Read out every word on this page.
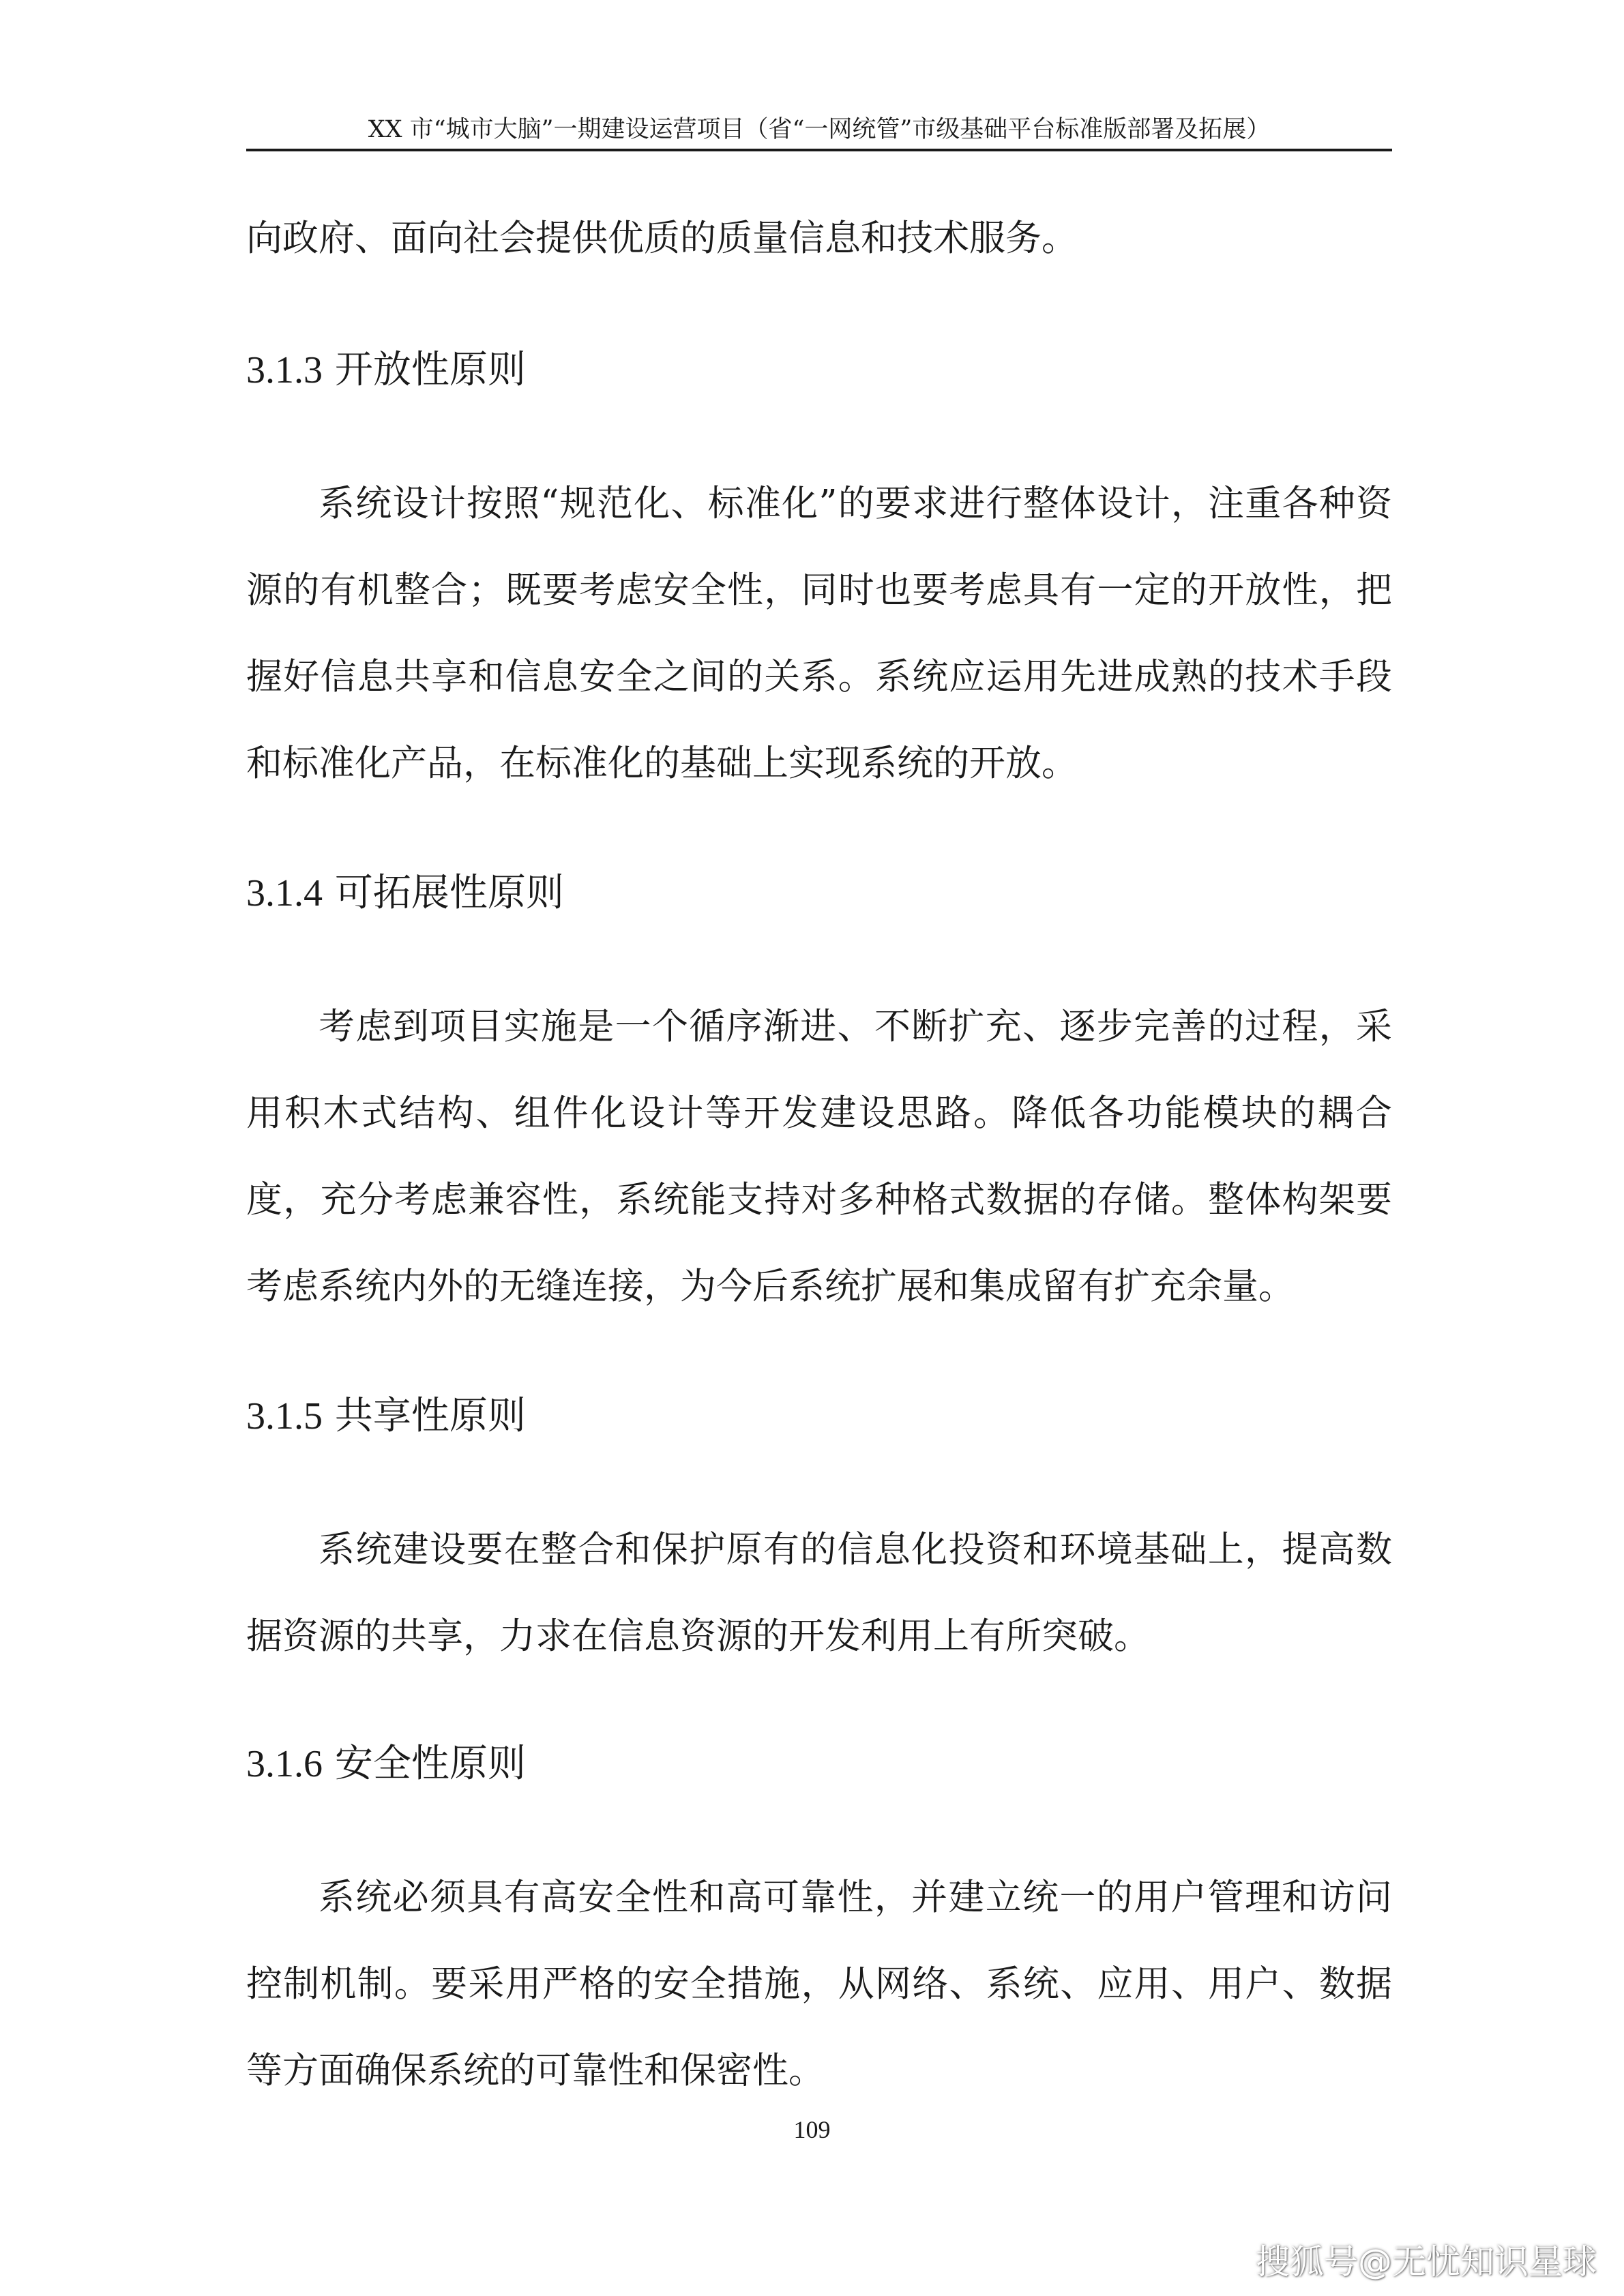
XX 市“城市大脑”一期建设运营项目（省“一网统管”市级基础平台标准版部署及拓展）
向政府、面向社会提供优质的质量信息和技术服务。
3.1.3 开放性原则

系统设计按照“规范化、标准化”的要求进行整体设计，注重各种资源的有机整合；既要考虑安全性，同时也要考虑具有一定的开放性，把握好信息共享和信息安全之间的关系。系统应运用先进成熟的技术手段和标准化产品，在标准化的基础上实现系统的开放。

3.1.4 可拓展性原则

考虑到项目实施是一个循序渐进、不断扩充、逐步完善的过程，采用积木式结构、组件化设计等开发建设思路。降低各功能模块的耦合度，充分考虑兼容性，系统能支持对多种格式数据的存储。整体构架要考虑系统内外的无缝连接，为今后系统扩展和集成留有扩充余量。

3.1.5 共享性原则

系统建设要在整合和保护原有的信息化投资和环境基础上，提高数据资源的共享，力求在信息资源的开发利用上有所突破。

3.1.6 安全性原则

系统必须具有高安全性和高可靠性，并建立统一的用户管理和访问控制机制。要采用严格的安全措施，从网络、系统、应用、用户、数据等方面确保系统的可靠性和保密性。

109
搜狐号@无忧知识星球
